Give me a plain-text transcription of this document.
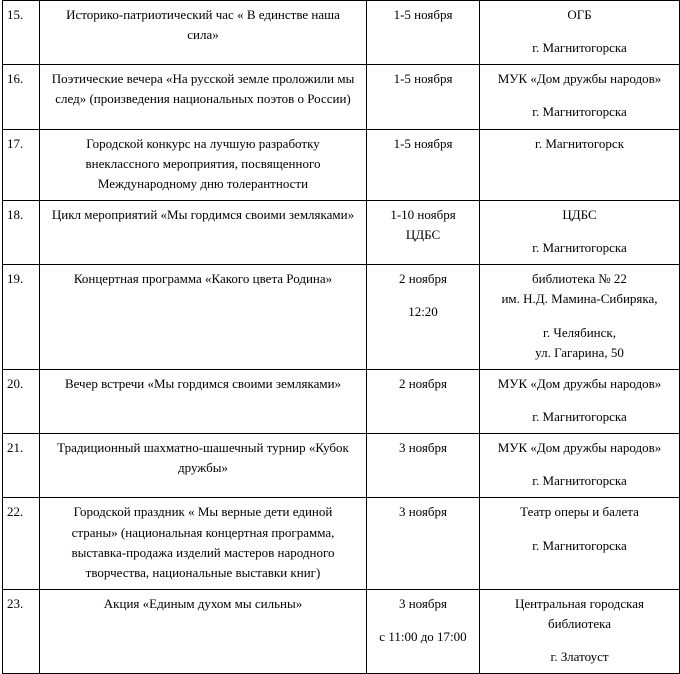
15.	Историко-патриотический час « В единстве наша
сила»	1-5 ноября	ОГБ
г. Магнитогорска

16.	Поэтические вечера «На русской земле проложили мы
след» (произведения национальных поэтов о России)	1-5 ноября	МУК «Дом дружбы народов»
г. Магнитогорска

17.	Городской конкурс на лучшую разработку
внеклассного мероприятия, посвященного
Международному дню толерантности	1-5 ноября	г. Магнитогорск

18.	Цикл мероприятий «Мы гордимся своими земляками»	1-10 ноября
ЦДБС	ЦДБС
г. Магнитогорска

19.	Концертная программа «Какого цвета Родина»	2 ноября
12:20	библиотека № 22
им. Н.Д. Мамина-Сибиряка,
г. Челябинск,
ул. Гагарина, 50

20.	Вечер встречи «Мы гордимся своими земляками»	2 ноября	МУК «Дом дружбы народов»
г. Магнитогорска

21.	Традиционный шахматно-шашечный турнир «Кубок
дружбы»	3 ноября	МУК «Дом дружбы народов»
г. Магнитогорска

22.	Городской праздник « Мы верные дети единой
страны» (национальная концертная программа,
выставка-продажа изделий мастеров народного
творчества, национальные выставки книг)	3 ноября	Театр оперы и балета
г. Магнитогорска

23.	Акция «Единым духом мы сильны»	3 ноября
с 11:00 до 17:00	Центральная городская
библиотека
г. Златоуст
